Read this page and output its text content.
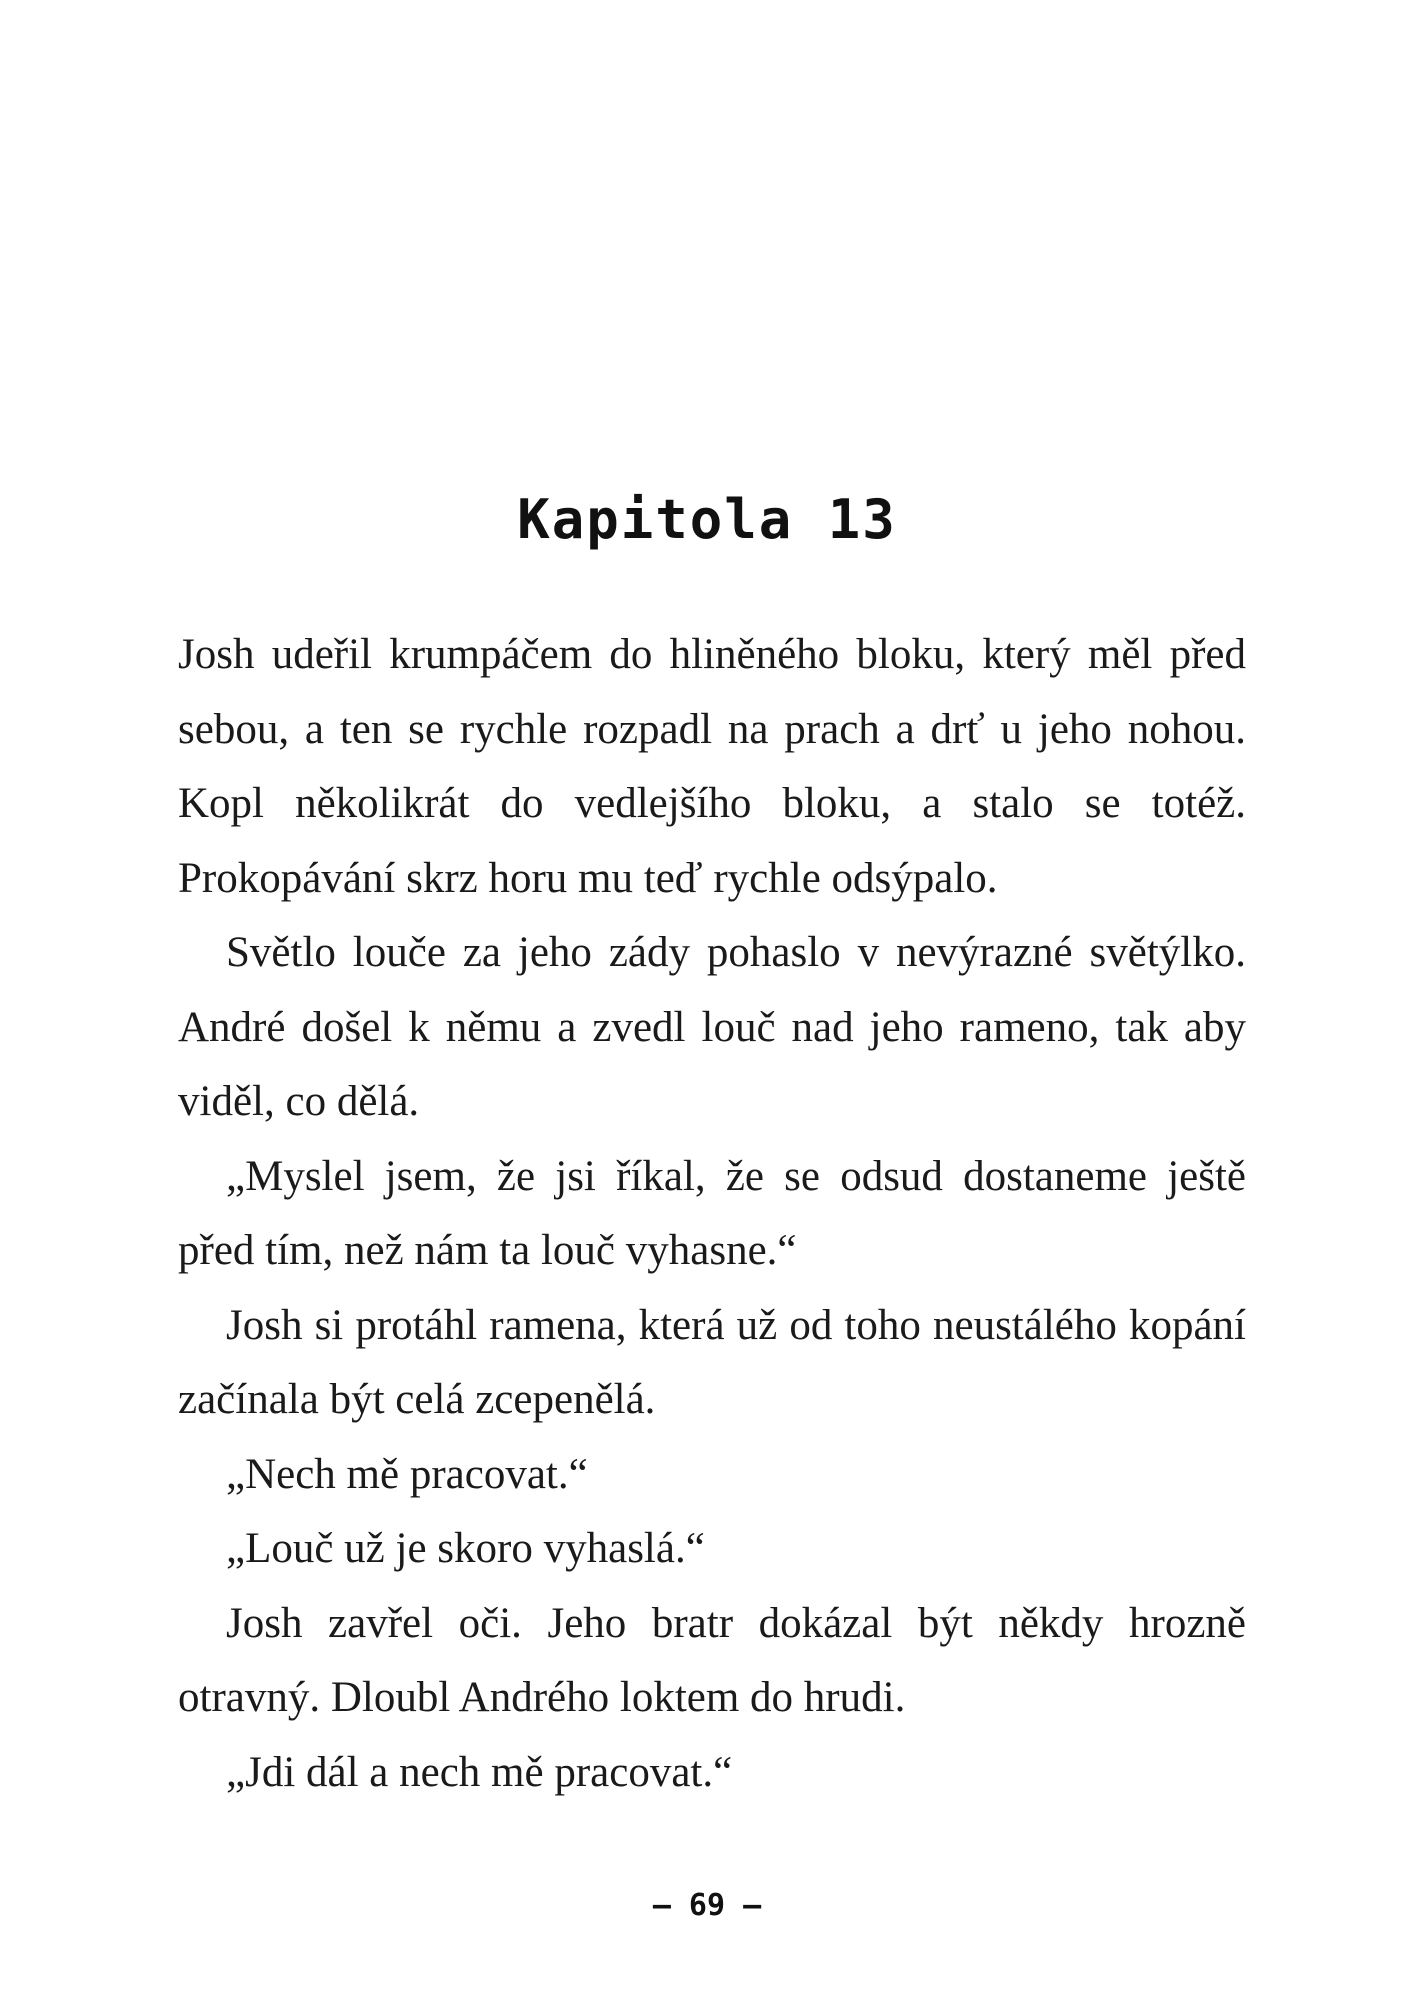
Kapitola 13

Josh udeřil krumpáčem do hliněného bloku, který měl před sebou, a ten se rychle rozpadl na prach a drť u jeho nohou. Kopl několikrát do vedlejšího bloku, a stalo se totéž. Prokopávání skrz horu mu teď rychle odsýpalo.

Světlo louče za jeho zády pohaslo v nevýrazné světýlko. André došel k němu a zvedl louč nad jeho rameno, tak aby viděl, co dělá.

„Myslel jsem, že jsi říkal, že se odsud dostaneme ještě před tím, než nám ta louč vyhasne.“

Josh si protáhl ramena, která už od toho neustálého kopání začínala být celá zcepenělá.

„Nech mě pracovat.“

„Louč už je skoro vyhaslá.“

Josh zavřel oči. Jeho bratr dokázal být někdy hrozně otravný. Dloubl Andrého loktem do hrudi.

„Jdi dál a nech mě pracovat.“

– 69 –
